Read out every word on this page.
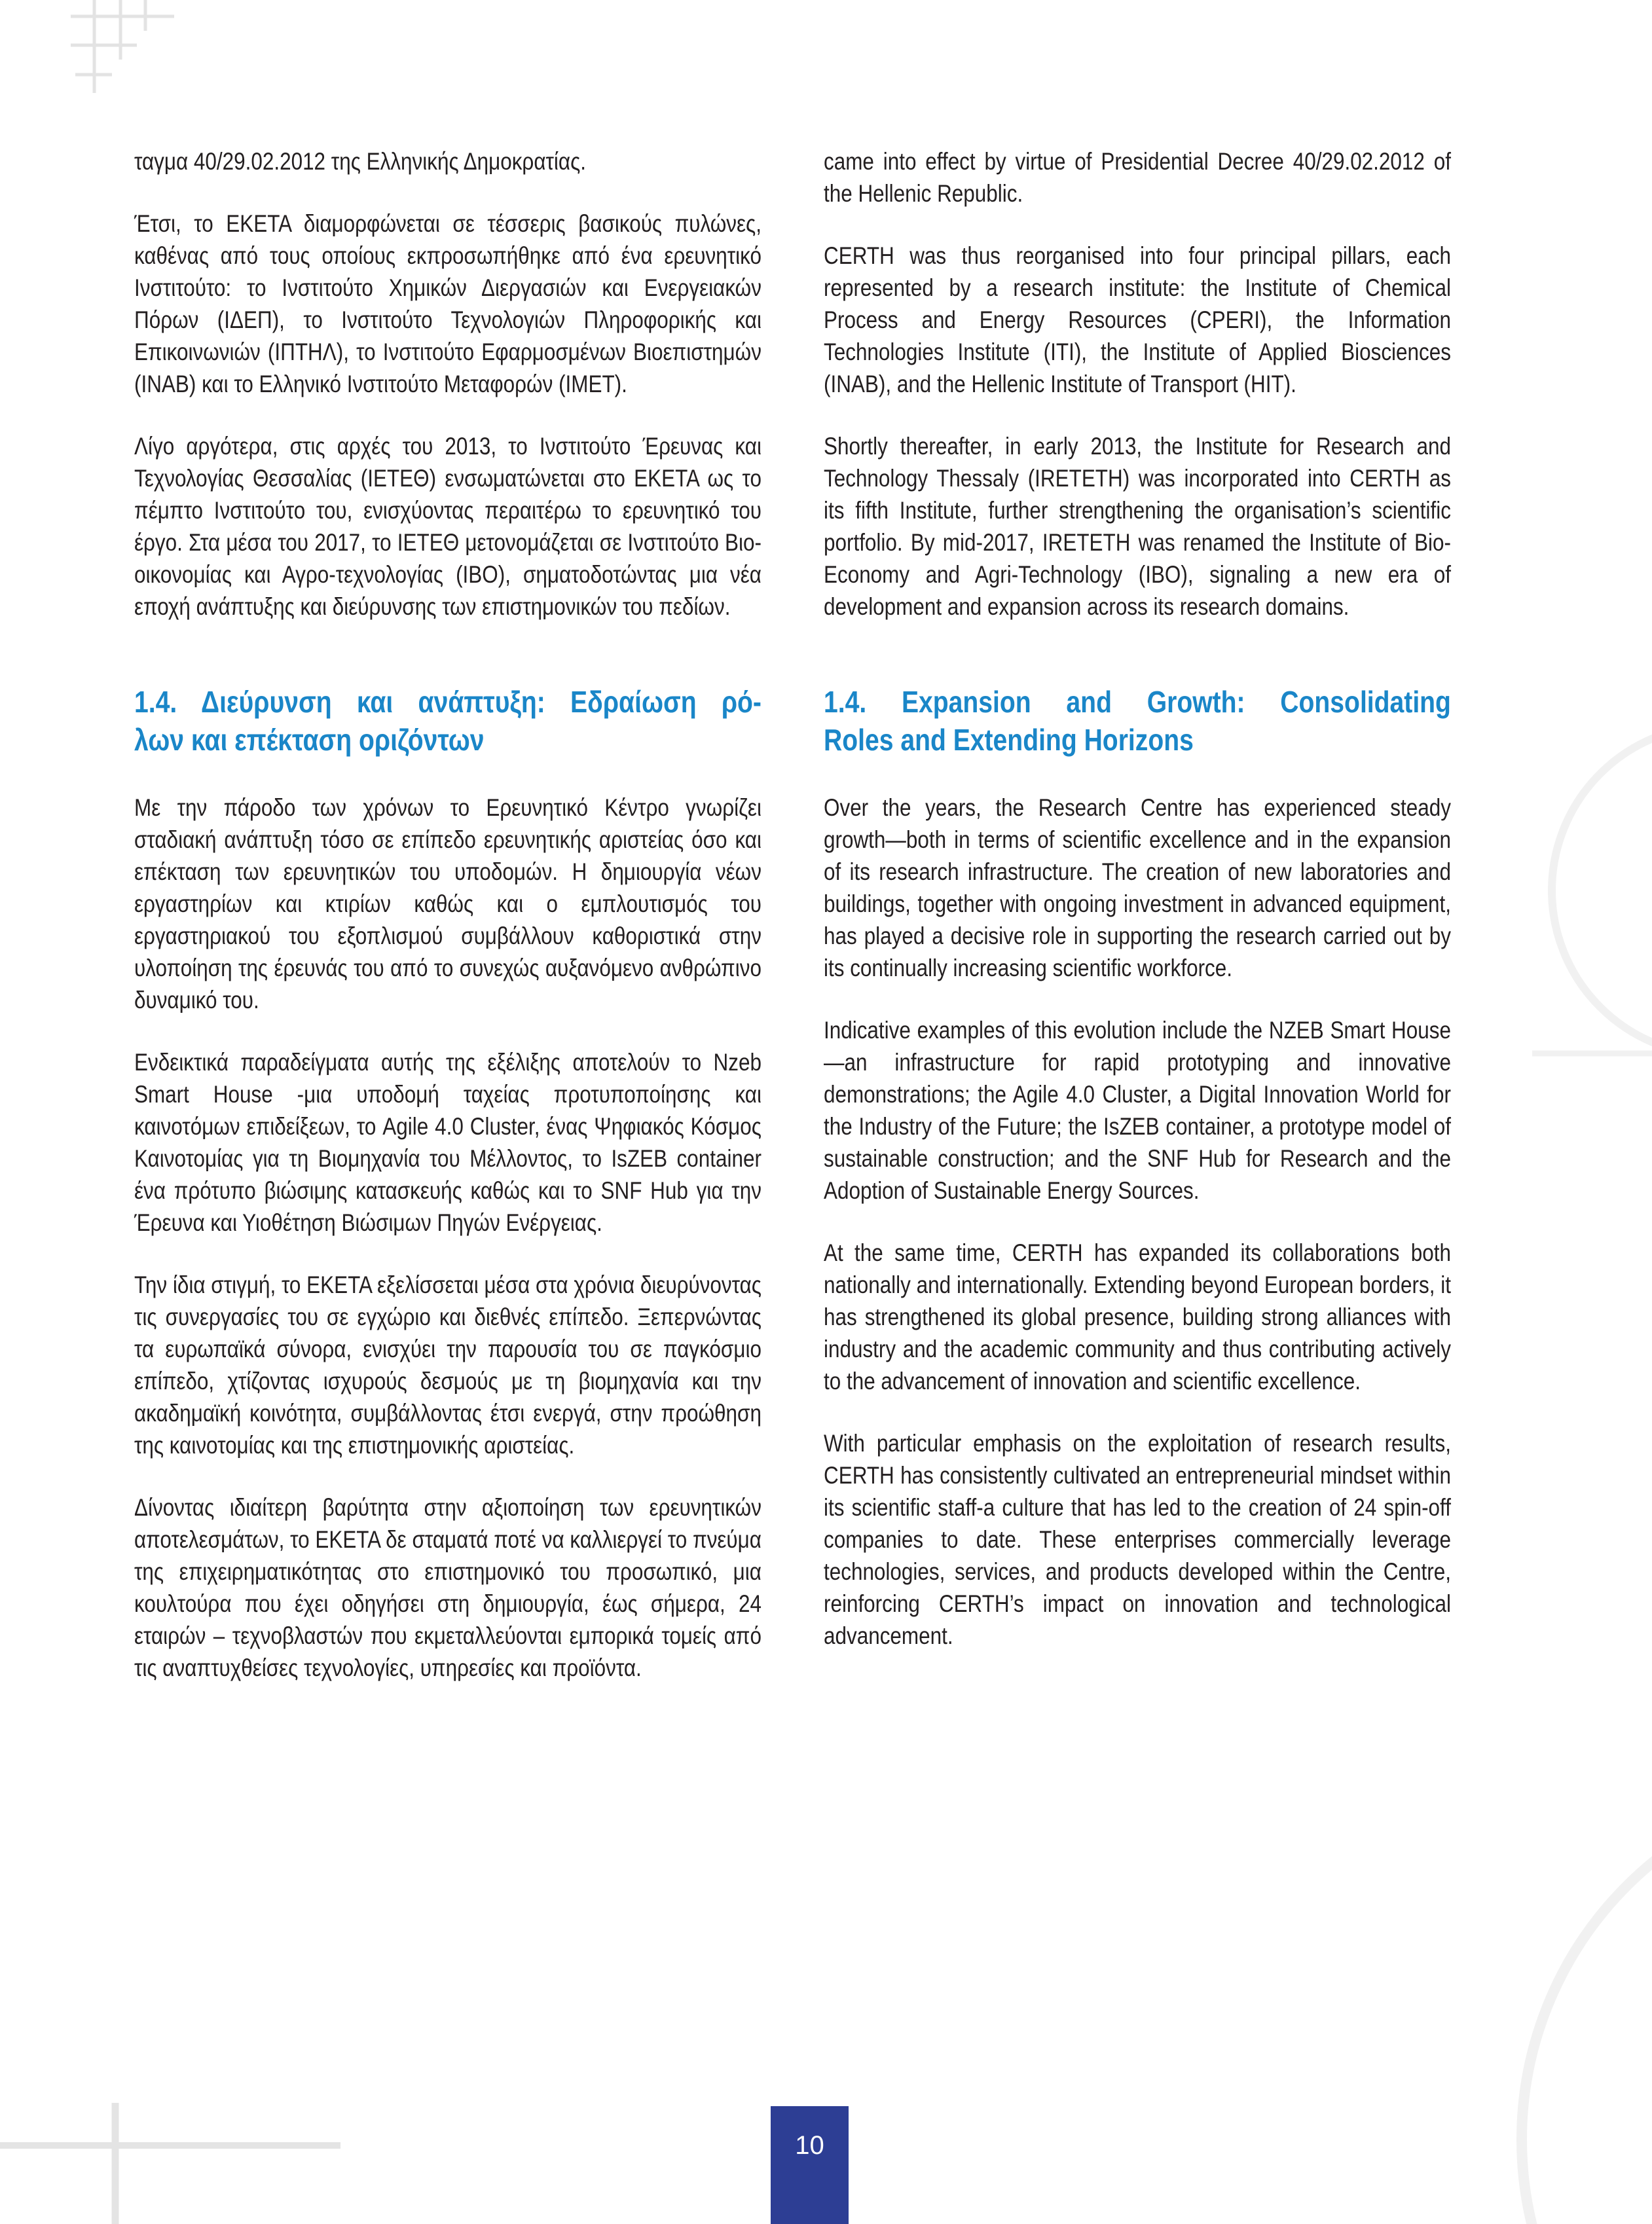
ταγμα 40/29.02.2012 της Ελληνικής Δημοκρατίας.

Έτσι, το ΕΚΕΤΑ διαμορφώνεται σε τέσσερις βασικούς πυλώνες, καθένας από τους οποίους εκπροσωπήθηκε από ένα ερευνητικό Ινστιτούτο: το Ινστιτούτο Χημικών Διεργασιών και Ενεργειακών Πόρων (ΙΔΕΠ), το Ινστιτούτο Τεχνολογιών Πληροφορικής και Επικοινωνιών (ΙΠΤΗΛ), το Ινστιτούτο Εφαρμοσμένων Βιοεπιστημών (ΙΝΑΒ) και το Ελληνικό Ινστιτούτο Μεταφορών (ΙΜΕΤ).

Λίγο αργότερα, στις αρχές του 2013, το Ινστιτούτο Έρευνας και Τεχνολογίας Θεσσαλίας (ΙΕΤΕΘ) ενσωματώνεται στο ΕΚΕΤΑ ως το πέμπτο Ινστιτούτο του, ενισχύοντας περαιτέρω το ερευνητικό του έργο. Στα μέσα του 2017, το ΙΕΤΕΘ μετονομάζεται σε Ινστιτούτο Βιο-οικονομίας και Αγρο-τεχνολογίας (ΙΒΟ), σηματοδοτώντας μια νέα εποχή ανάπτυξης και διεύρυνσης των επιστημονικών του πεδίων.

1.4. Διεύρυνση και ανάπτυξη: Εδραίωση ρό-
λων και επέκταση οριζόντων

Με την πάροδο των χρόνων το Ερευνητικό Κέντρο γνωρίζει σταδιακή ανάπτυξη τόσο σε επίπεδο ερευνητικής αριστείας όσο και επέκταση των ερευνητικών του υποδομών. Η δημιουργία νέων εργαστηρίων και κτιρίων καθώς και ο εμπλουτισμός του εργαστηριακού του εξοπλισμού συμβάλλουν καθοριστικά στην υλοποίηση της έρευνάς του από το συνεχώς αυξανόμενο ανθρώπινο δυναμικό του.

Ενδεικτικά παραδείγματα αυτής της εξέλιξης αποτελούν το Nzeb Smart House -μια υποδομή ταχείας προτυποποίησης και καινοτόμων επιδείξεων, το Agile 4.0 Cluster, ένας Ψηφιακός Κόσμος Καινοτομίας για τη Βιομηχανία του Μέλλοντος, το IsZEB container ένα πρότυπο βιώσιμης κατασκευής καθώς και το SNF Hub για την Έρευνα και Υιοθέτηση Βιώσιμων Πηγών Ενέργειας.

Την ίδια στιγμή, το ΕΚΕΤΑ εξελίσσεται μέσα στα χρόνια διευρύνοντας τις συνεργασίες του σε εγχώριο και διεθνές επίπεδο. Ξεπερνώντας τα ευρωπαϊκά σύνορα, ενισχύει την παρουσία του σε παγκόσμιο επίπεδο, χτίζοντας ισχυρούς δεσμούς με τη βιομηχανία και την ακαδημαϊκή κοινότητα, συμβάλλοντας έτσι ενεργά, στην προώθηση της καινοτομίας και της επιστημονικής αριστείας.

Δίνοντας ιδιαίτερη βαρύτητα στην αξιοποίηση των ερευνητικών αποτελεσμάτων, το ΕΚΕΤΑ δε σταματά ποτέ να καλλιεργεί το πνεύμα της επιχειρηματικότητας στο επιστημονικό του προσωπικό, μια κουλτούρα που έχει οδηγήσει στη δημιουργία, έως σήμερα, 24 εταιρών – τεχνοβλαστών που εκμεταλλεύονται εμπορικά τομείς από τις αναπτυχθείσες τεχνολογίες, υπηρεσίες και προϊόντα.

came into effect by virtue of Presidential Decree 40/29.02.2012 of the Hellenic Republic.

CERTH was thus reorganised into four principal pillars, each represented by a research institute: the Institute of Chemical Process and Energy Resources (CPERI), the Information Technologies Institute (ITI), the Institute of Applied Biosciences (INAB), and the Hellenic Institute of Transport (HIT).

Shortly thereafter, in early 2013, the Institute for Research and Technology Thessaly (IRETETH) was incorporated into CERTH as its fifth Institute, further strengthening the organisation’s scientific portfolio. By mid-2017, IRETETH was renamed the Institute of Bio-Economy and Agri-Technology (IBO), signaling a new era of development and expansion across its research domains.

1.4. Expansion and Growth: Consolidating
Roles and Extending Horizons

Over the years, the Research Centre has experienced steady growth—both in terms of scientific excellence and in the expansion of its research infrastructure. The creation of new laboratories and buildings, together with ongoing investment in advanced equipment, has played a decisive role in supporting the research carried out by its continually increasing scientific workforce.

Indicative examples of this evolution include the NZEB Smart House—an infrastructure for rapid prototyping and innovative demonstrations; the Agile 4.0 Cluster, a Digital Innovation World for the Industry of the Future; the IsZEB container, a prototype model of sustainable construction; and the SNF Hub for Research and the Adoption of Sustainable Energy Sources.

At the same time, CERTH has expanded its collaborations both nationally and internationally. Extending beyond European borders, it has strengthened its global presence, building strong alliances with industry and the academic community and thus contributing actively to the advancement of innovation and scientific excellence.

With particular emphasis on the exploitation of research results, CERTH has consistently cultivated an entrepreneurial mindset within its scientific staff-a culture that has led to the creation of 24 spin-off companies to date. These enterprises commercially leverage technologies, services, and products developed within the Centre, reinforcing CERTH’s impact on innovation and technological advancement.

10
